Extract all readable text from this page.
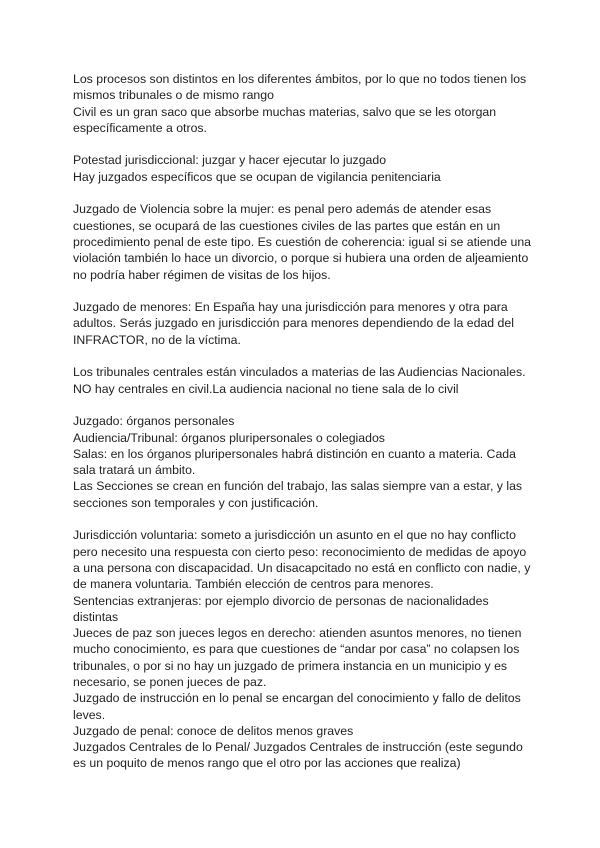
Los procesos son distintos en los diferentes ámbitos, por lo que no todos tienen los
mismos tribunales o de mismo rango
Civil es un gran saco que absorbe muchas materias, salvo que se les otorgan
específicamente a otros.
Potestad jurisdiccional: juzgar y hacer ejecutar lo juzgado
Hay juzgados específicos que se ocupan de vigilancia penitenciaria
Juzgado de Violencia sobre la mujer: es penal pero además de atender esas
cuestiones, se ocupará de las cuestiones civiles de las partes que están en un
procedimiento penal de este tipo. Es cuestión de coherencia: igual si se atiende una
violación también lo hace un divorcio, o porque si hubiera una orden de aljeamiento
no podría haber régimen de visitas de los hijos.
Juzgado de menores: En España hay una jurisdicción para menores y otra para
adultos. Serás juzgado en jurisdicción para menores dependiendo de la edad del
INFRACTOR, no de la víctima.
Los tribunales centrales están vinculados a materias de las Audiencias Nacionales.
NO hay centrales en civil.La audiencia nacional no tiene sala de lo civil
Juzgado: órganos personales
Audiencia/Tribunal: órganos pluripersonales o colegiados
Salas: en los órganos pluripersonales habrá distinción en cuanto a materia. Cada
sala tratará un ámbito.
Las Secciones se crean en función del trabajo, las salas siempre van a estar, y las
secciones son temporales y con justificación.
Jurisdicción voluntaria: someto a jurisdicción un asunto en el que no hay conflicto
pero necesito una respuesta con cierto peso: reconocimiento de medidas de apoyo
a una persona con discapacidad. Un disacapcitado no está en conflicto con nadie, y
de manera voluntaria. También elección de centros para menores.
Sentencias extranjeras: por ejemplo divorcio de personas de nacionalidades
distintas
Jueces de paz son jueces legos en derecho: atienden asuntos menores, no tienen
mucho conocimiento, es para que cuestiones de “andar por casa” no colapsen los
tribunales, o por si no hay un juzgado de primera instancia en un municipio y es
necesario, se ponen jueces de paz.
Juzgado de instrucción en lo penal se encargan del conocimiento y fallo de delitos
leves.
Juzgado de penal: conoce de delitos menos graves
Juzgados Centrales de lo Penal/ Juzgados Centrales de instrucción (este segundo
es un poquito de menos rango que el otro por las acciones que realiza)
